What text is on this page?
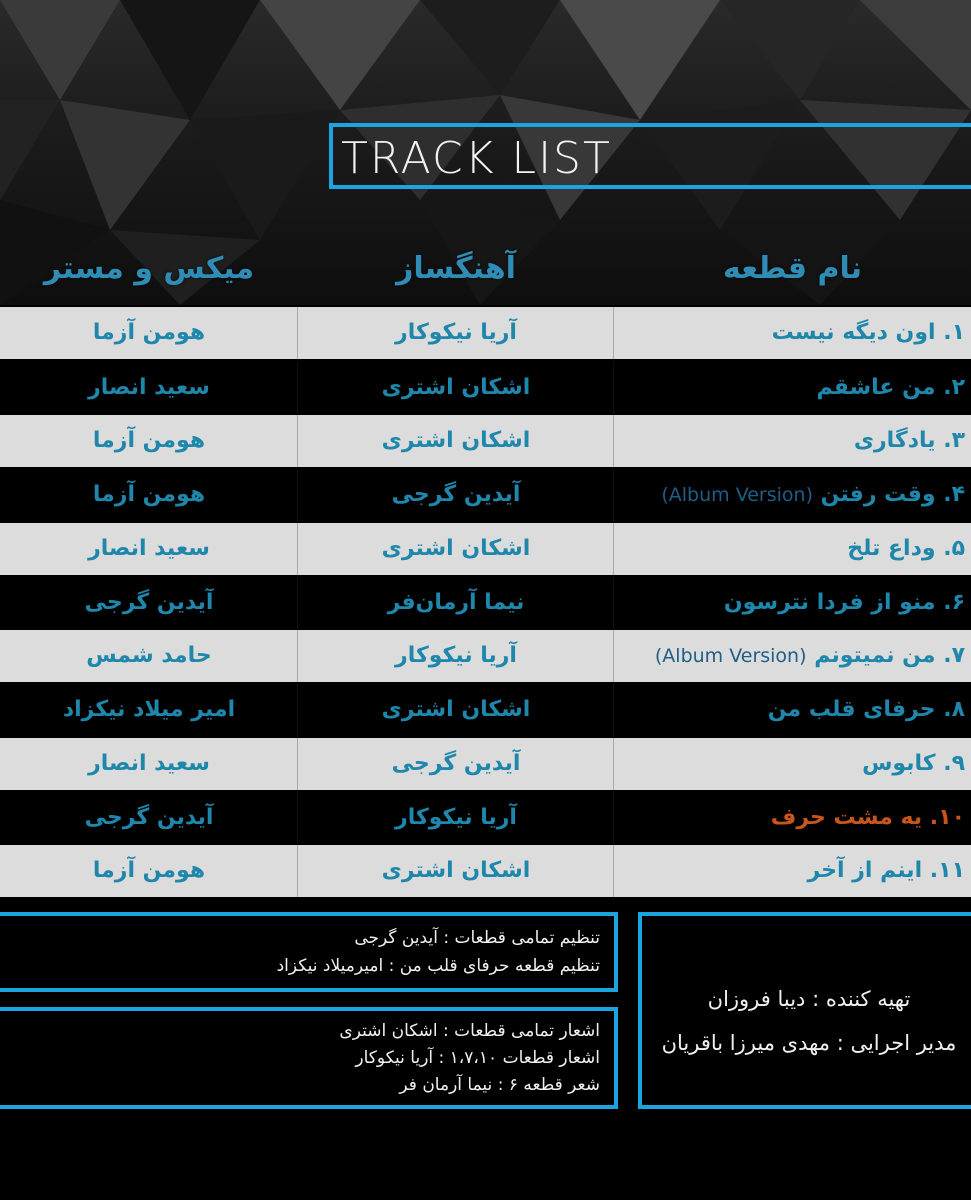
TRACK LIST
نام قطعه
آهنگساز
میکس و مستر
۱. اون دیگه نیست
آریا نیکوکار
هومن آزما
۲. من عاشقم
اشکان اشتری
سعید انصار
۳. یادگاری
اشکان اشتری
هومن آزما
۴. وقت رفتن (Album Version)
آیدین گرجی
هومن آزما
۵. وداع تلخ
اشکان اشتری
سعید انصار
۶. منو از فردا نترسون
نیما آرمان‌فر
آیدین گرجی
۷. من نمیتونم (Album Version)
آریا نیکوکار
حامد شمس
۸. حرفای قلب من
اشکان اشتری
امیر میلاد نیکزاد
۹. کابوس
آیدین گرجی
سعید انصار
۱۰. یه مشت حرف
آریا نیکوکار
آیدین گرجی
۱۱. اینم از آخر
اشکان اشتری
هومن آزما
تنظیم تمامی قطعات : آیدین گرجی
تنظیم قطعه حرفای قلب من : امیرمیلاد نیکزاد
اشعار تمامی قطعات : اشکان اشتری
اشعار قطعات ۱،۷،۱۰ : آریا نیکوکار
شعر قطعه ۶ : نیما آرمان فر
تهیه کننده : دیبا فروزان
مدیر اجرایی : مهدی میرزا باقریان
